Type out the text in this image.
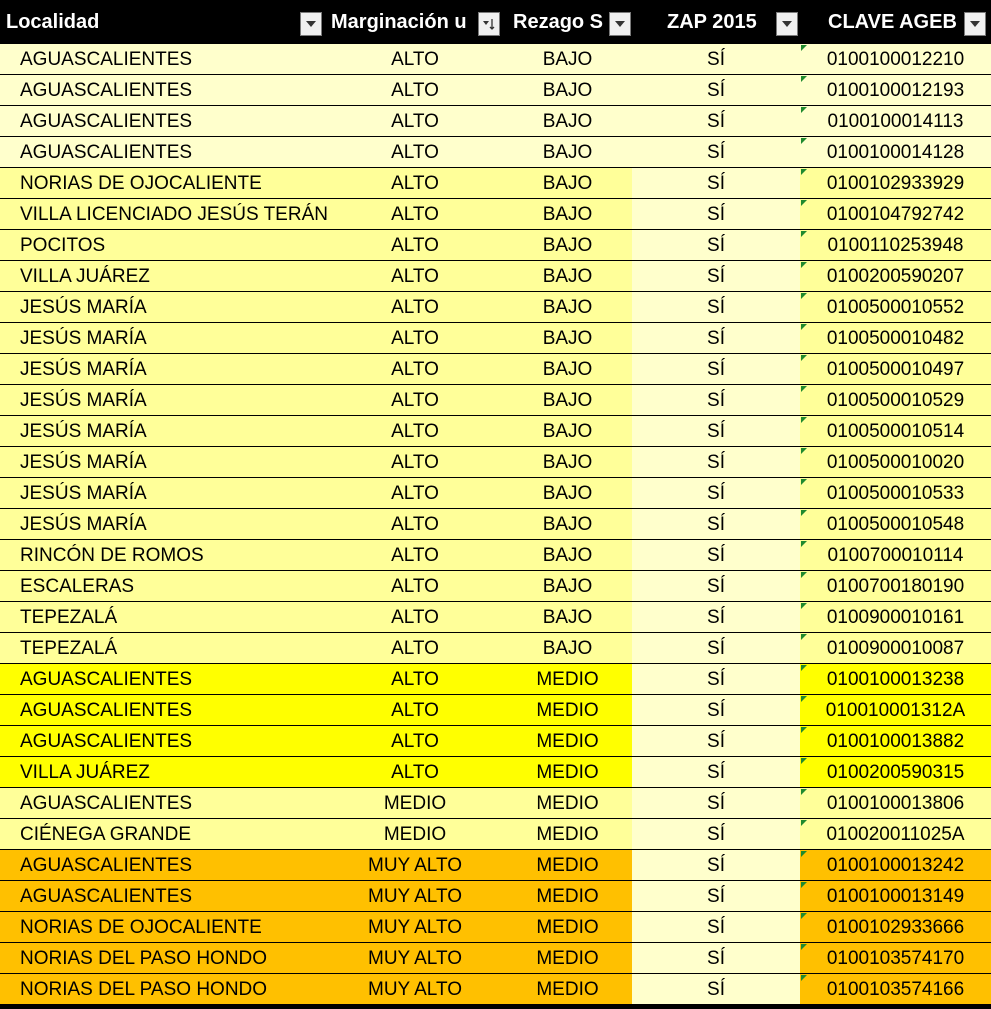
Localidad	Marginación u	Rezago S	ZAP 2015	CLAVE AGEB
AGUASCALIENTES	ALTO	BAJO	SÍ	0100100012210
AGUASCALIENTES	ALTO	BAJO	SÍ	0100100012193
AGUASCALIENTES	ALTO	BAJO	SÍ	0100100014113
AGUASCALIENTES	ALTO	BAJO	SÍ	0100100014128
NORIAS DE OJOCALIENTE	ALTO	BAJO	SÍ	0100102933929
VILLA LICENCIADO JESÚS TERÁN	ALTO	BAJO	SÍ	0100104792742
POCITOS	ALTO	BAJO	SÍ	0100110253948
VILLA JUÁREZ	ALTO	BAJO	SÍ	0100200590207
JESÚS MARÍA	ALTO	BAJO	SÍ	0100500010552
JESÚS MARÍA	ALTO	BAJO	SÍ	0100500010482
JESÚS MARÍA	ALTO	BAJO	SÍ	0100500010497
JESÚS MARÍA	ALTO	BAJO	SÍ	0100500010529
JESÚS MARÍA	ALTO	BAJO	SÍ	0100500010514
JESÚS MARÍA	ALTO	BAJO	SÍ	0100500010020
JESÚS MARÍA	ALTO	BAJO	SÍ	0100500010533
JESÚS MARÍA	ALTO	BAJO	SÍ	0100500010548
RINCÓN DE ROMOS	ALTO	BAJO	SÍ	0100700010114
ESCALERAS	ALTO	BAJO	SÍ	0100700180190
TEPEZALÁ	ALTO	BAJO	SÍ	0100900010161
TEPEZALÁ	ALTO	BAJO	SÍ	0100900010087
AGUASCALIENTES	ALTO	MEDIO	SÍ	0100100013238
AGUASCALIENTES	ALTO	MEDIO	SÍ	010010001312A
AGUASCALIENTES	ALTO	MEDIO	SÍ	0100100013882
VILLA JUÁREZ	ALTO	MEDIO	SÍ	0100200590315
AGUASCALIENTES	MEDIO	MEDIO	SÍ	0100100013806
CIÉNEGA GRANDE	MEDIO	MEDIO	SÍ	010020011025A
AGUASCALIENTES	MUY ALTO	MEDIO	SÍ	0100100013242
AGUASCALIENTES	MUY ALTO	MEDIO	SÍ	0100100013149
NORIAS DE OJOCALIENTE	MUY ALTO	MEDIO	SÍ	0100102933666
NORIAS DEL PASO HONDO	MUY ALTO	MEDIO	SÍ	0100103574170
NORIAS DEL PASO HONDO	MUY ALTO	MEDIO	SÍ	0100103574166
